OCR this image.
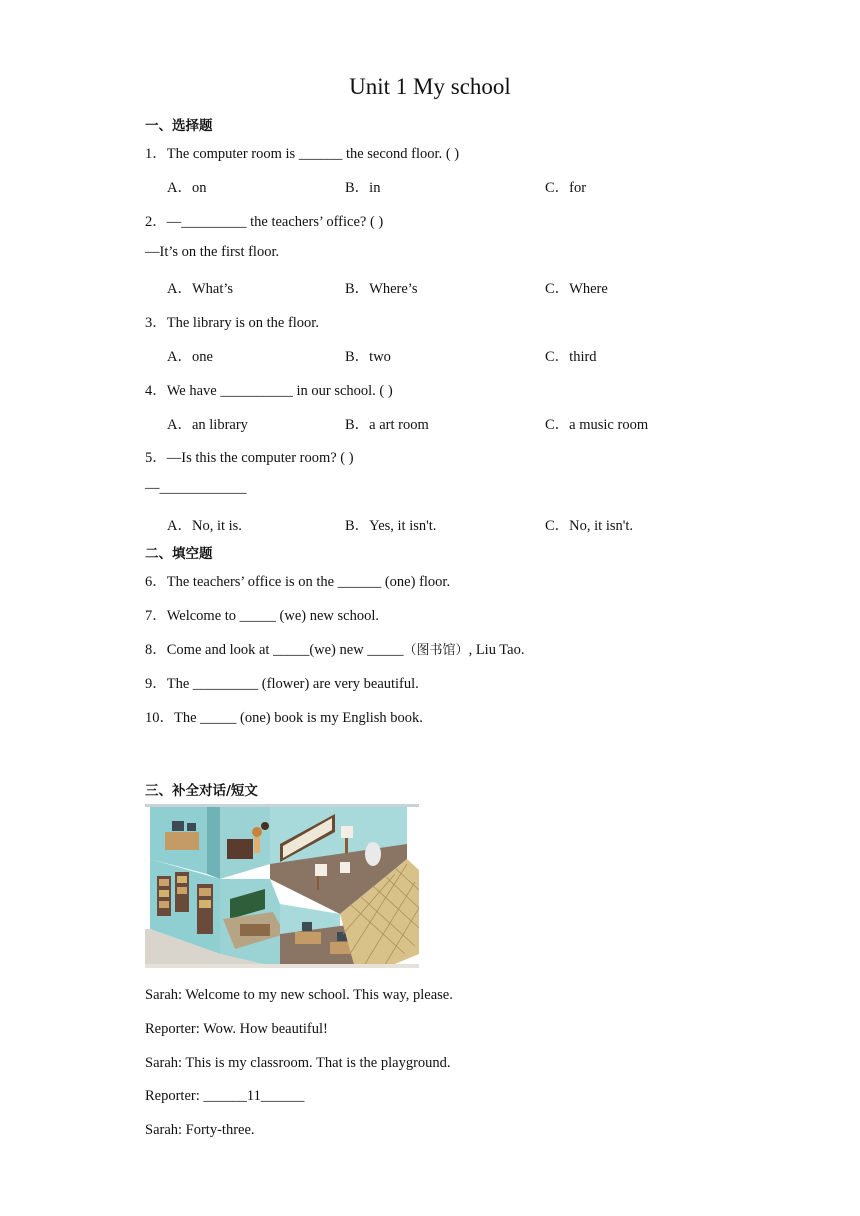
Unit 1 My school
一、选择题
1．The computer room is ______ the second floor. ( )
A．on	B．in	C．for
2．—_________ the teachers’ office? ( )
—It’s on the first floor.
A．What’s	B．Where’s	C．Where
3．The library is on the floor.
A．one	B．two	C．third
4．We have __________ in our school. ( )
A．an library	B．a art room	C．a music room
5．—Is this the computer room? ( )
—____________
A．No, it is.	B．Yes, it isn't.	C．No, it isn't.
二、填空题
6．The teachers’ office is on the ______ (one) floor.
7．Welcome to _____ (we) new school.
8．Come and look at _____(we) new _____（图书馆）, Liu Tao.
9．The _________ (flower) are very beautiful.
10．The _____ (one) book is my English book.
三、补全对话/短文
Sarah: Welcome to my new school. This way, please.
Reporter: Wow. How beautiful!
Sarah: This is my classroom. That is the playground.
Reporter: ______11______
Sarah: Forty-three.
